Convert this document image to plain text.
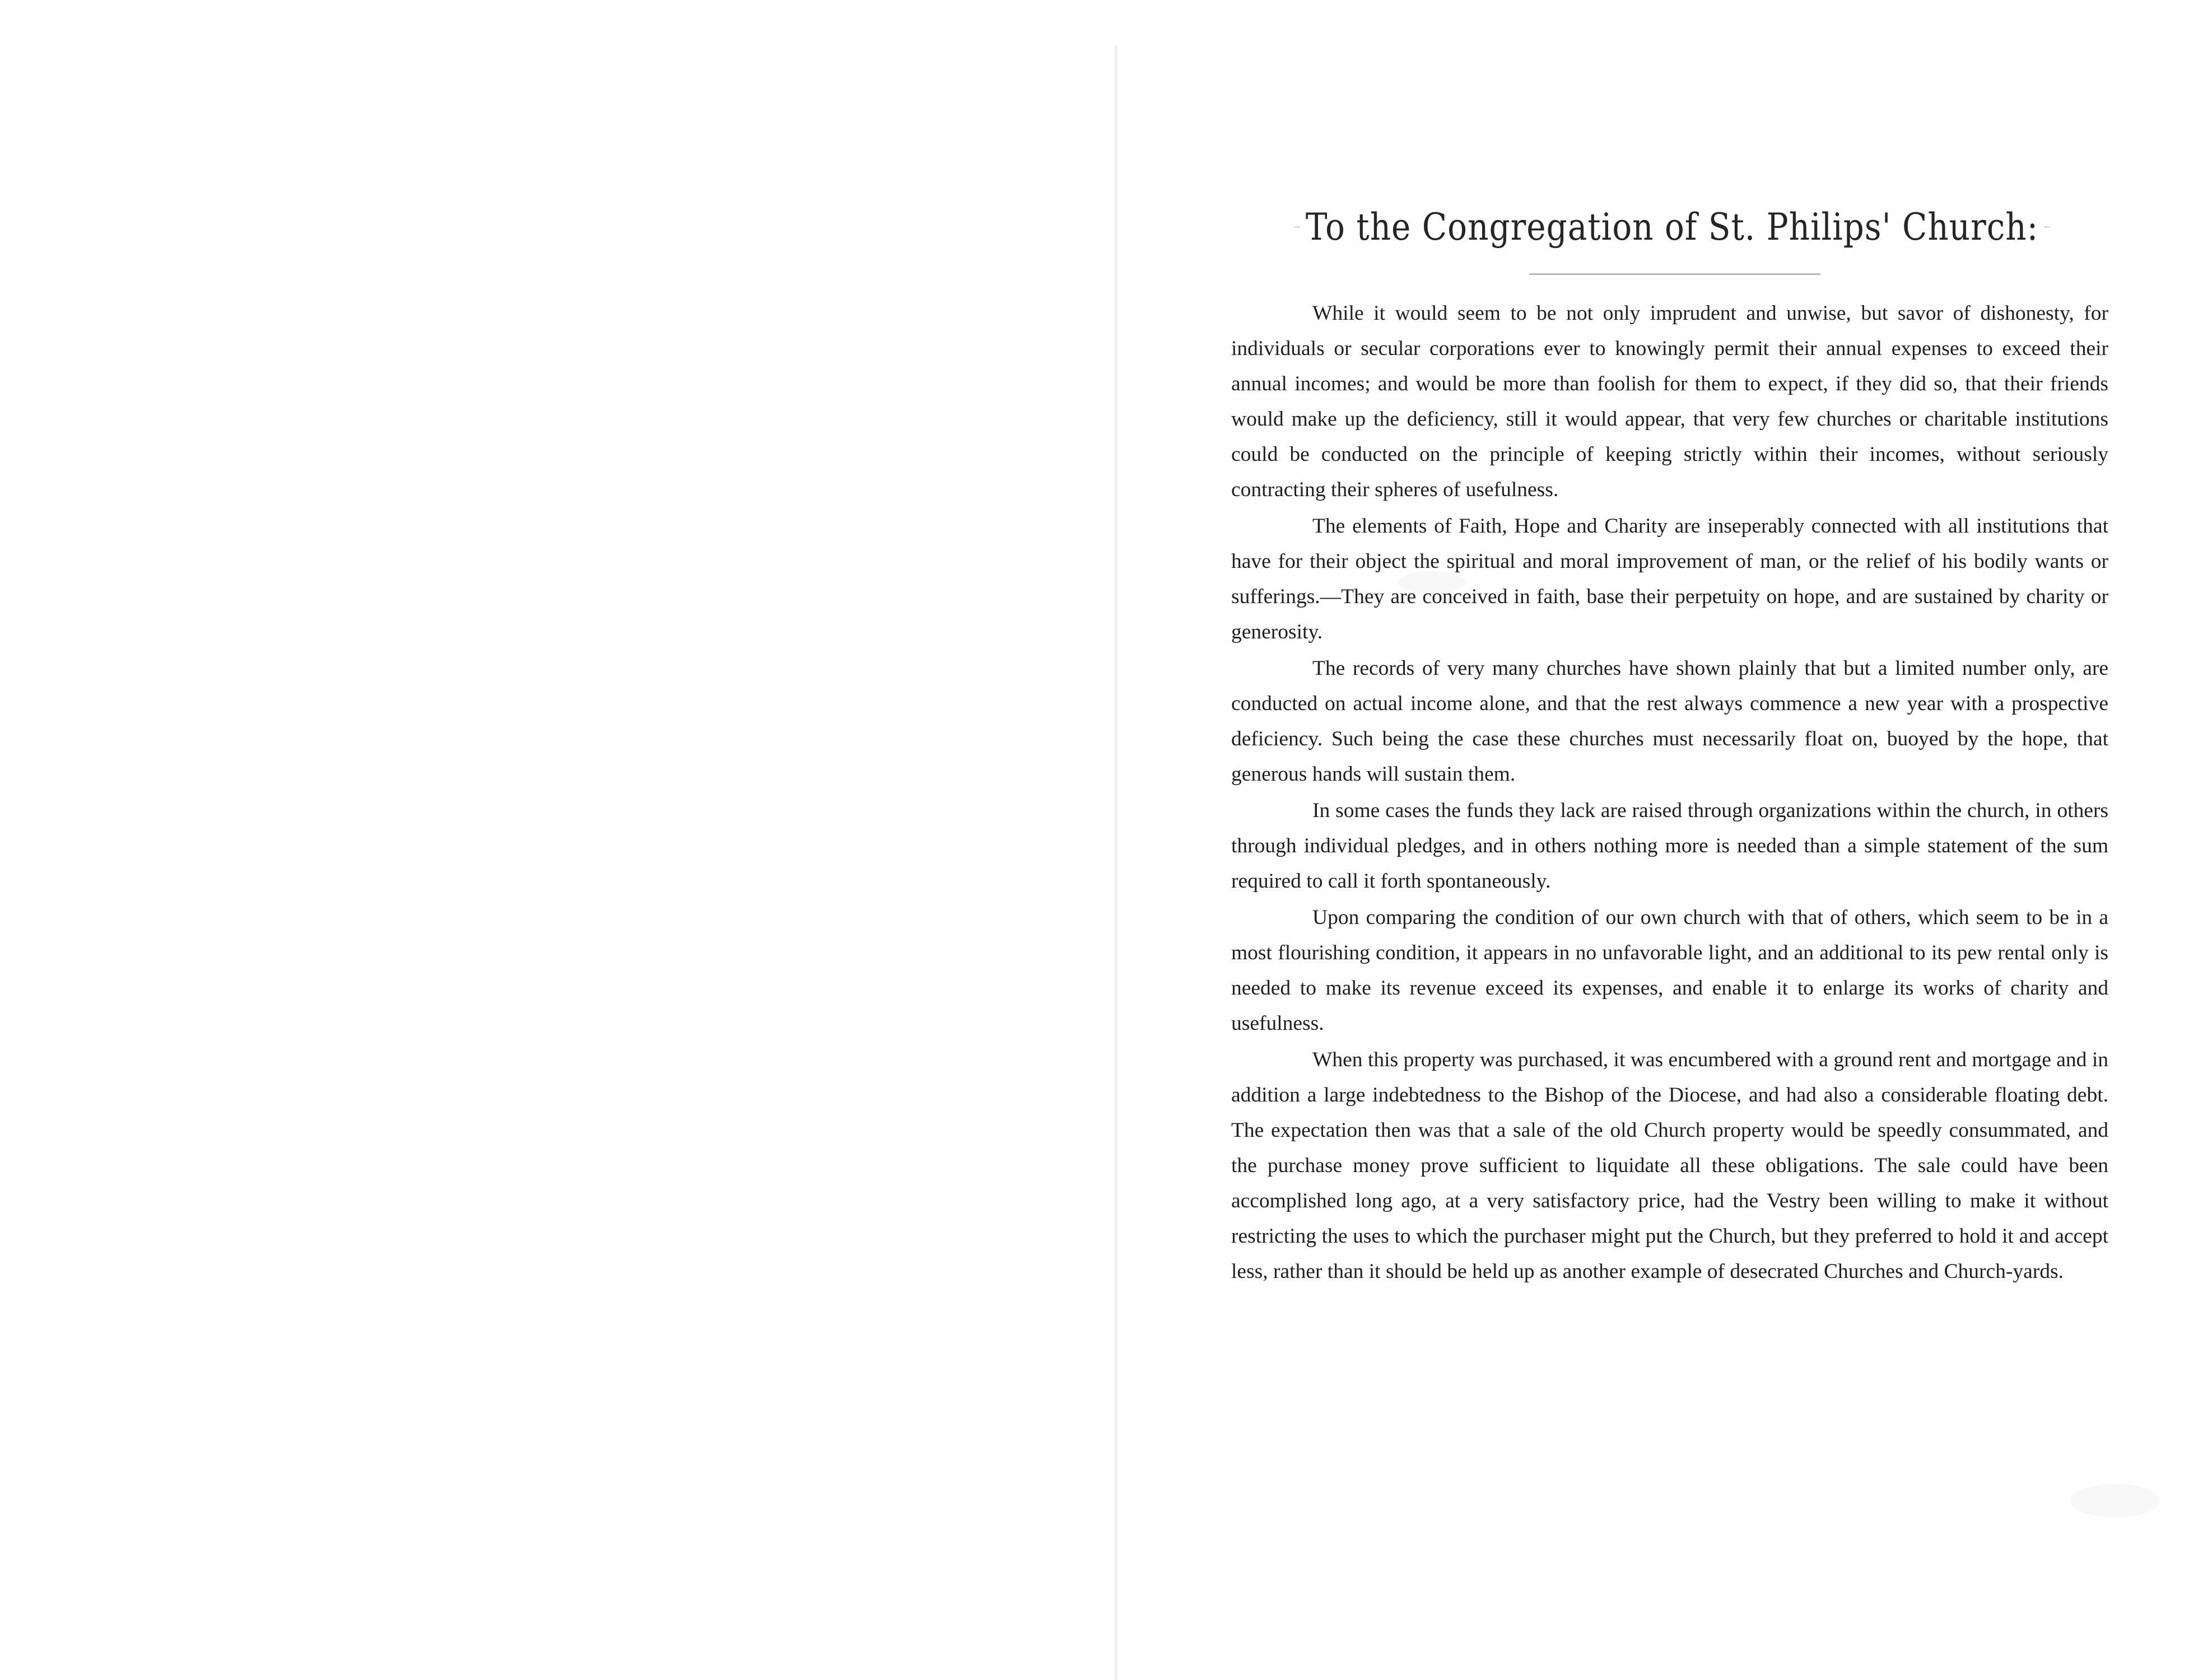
To the Congregation of St. Philips' Church:

While it would seem to be not only imprudent and unwise, but savor of dishonesty, for individuals or secular corporations ever to knowingly permit their annual expenses to exceed their annual incomes; and would be more than foolish for them to expect, if they did so, that their friends would make up the deficiency, still it would appear, that very few churches or charitable institutions could be conducted on the principle of keeping strictly within their incomes, without seriously contracting their spheres of usefulness.

The elements of Faith, Hope and Charity are inseperably connected with all institutions that have for their object the spiritual and moral improvement of man, or the relief of his bodily wants or sufferings.—They are conceived in faith, base their perpetuity on hope, and are sustained by charity or generosity.

The records of very many churches have shown plainly that but a limited number only, are conducted on actual income alone, and that the rest always commence a new year with a prospective deficiency. Such being the case these churches must necessarily float on, buoyed by the hope, that generous hands will sustain them.

In some cases the funds they lack are raised through organizations within the church, in others through individual pledges, and in others nothing more is needed than a simple statement of the sum required to call it forth spontaneously.

Upon comparing the condition of our own church with that of others, which seem to be in a most flourishing condition, it appears in no unfavorable light, and an additional to its pew rental only is needed to make its revenue exceed its expenses, and enable it to enlarge its works of charity and usefulness.

When this property was purchased, it was encumbered with a ground rent and mortgage and in addition a large indebtedness to the Bishop of the Diocese, and had also a considerable floating debt. The expectation then was that a sale of the old Church property would be speedly consummated, and the purchase money prove sufficient to liquidate all these obligations. The sale could have been accomplished long ago, at a very satisfactory price, had the Vestry been willing to make it without restricting the uses to which the purchaser might put the Church, but they preferred to hold it and accept less, rather than it should be held up as another example of desecrated Churches and Church-yards.
